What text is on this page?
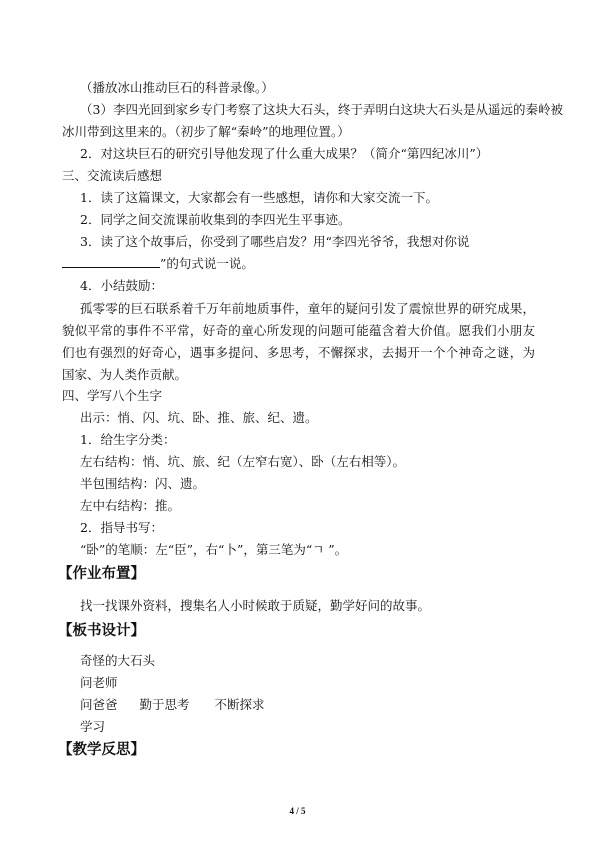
（播放冰山推动巨石的科普录像。）
（3）李四光回到家乡专门考察了这块大石头，终于弄明白这块大石头是从遥远的秦岭被
冰川带到这里来的。（初步了解“秦岭”的地理位置。）
2．对这块巨石的研究引导他发现了什么重大成果？（简介“第四纪冰川”）
三、交流读后感想
1．读了这篇课文，大家都会有一些感想，请你和大家交流一下。
2．同学之间交流课前收集到的李四光生平事迹。
3．读了这个故事后，你受到了哪些启发？用“李四光爷爷，我想对你说
”的句式说一说。
4．小结鼓励：
孤零零的巨石联系着千万年前地质事件，童年的疑问引发了震惊世界的研究成果，貌似平常的事件不平常，好奇的童心所发现的问题可能蕴含着大价值。愿我们小朋友们也有强烈的好奇心，遇事多提问、多思考，不懈探求，去揭开一个个神奇之谜，为国家、为人类作贡献。
四、学写八个生字
出示：悄、闪、坑、卧、推、旅、纪、遗。
1．给生字分类：
左右结构：悄、坑、旅、纪（左窄右宽）、卧（左右相等）。
半包围结构：闪、遗。
左中右结构：推。
2．指导书写：
“卧”的笔顺：左“臣”，右“卜”，第三笔为“ㄱ ”。
【作业布置】
找一找课外资料，搜集名人小时候敢于质疑，勤学好问的故事。
【板书设计】
奇怪的大石头
问老师
问爸爸 勤于思考 不断探求
学习
【教学反思】
4 / 5
